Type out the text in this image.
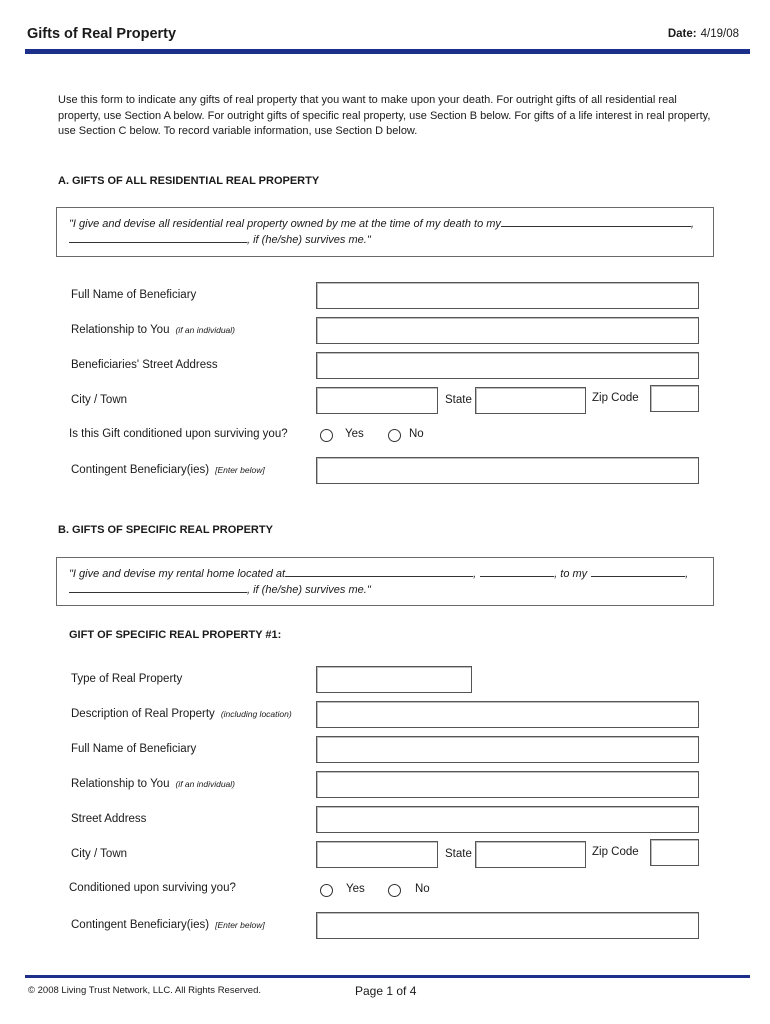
Gifts of Real Property	Date: 4/19/08
Use this form to indicate any gifts of real property that you want to make upon your death. For outright gifts of all residential real property, use Section A below. For outright gifts of specific real property, use Section B below. For gifts of a life interest in real property, use Section C below. To record variable information, use Section D below.
A. GIFTS OF ALL RESIDENTIAL REAL PROPERTY
"I give and devise all residential real property owned by me at the time of my death to my	,
, if (he/she) survives me."
Full Name of Beneficiary
Relationship to You (if an individual)
Beneficiaries' Street Address
City / Town	State	Zip Code
Is this Gift conditioned upon surviving you?	Yes	No
Contingent Beneficiary(ies) [Enter below]
B. GIFTS OF SPECIFIC REAL PROPERTY
"I give and devise my rental home located at	,	, to my	,
, if (he/she) survives me."
GIFT OF SPECIFIC REAL PROPERTY #1:
Type of Real Property
Description of Real Property (including location)
Full Name of Beneficiary
Relationship to You (if an individual)
Street Address
City / Town	State	Zip Code
Conditioned upon surviving you?	Yes	No
Contingent Beneficiary(ies) [Enter below]
© 2008 Living Trust Network, LLC. All Rights Reserved.	Page 1 of 4
